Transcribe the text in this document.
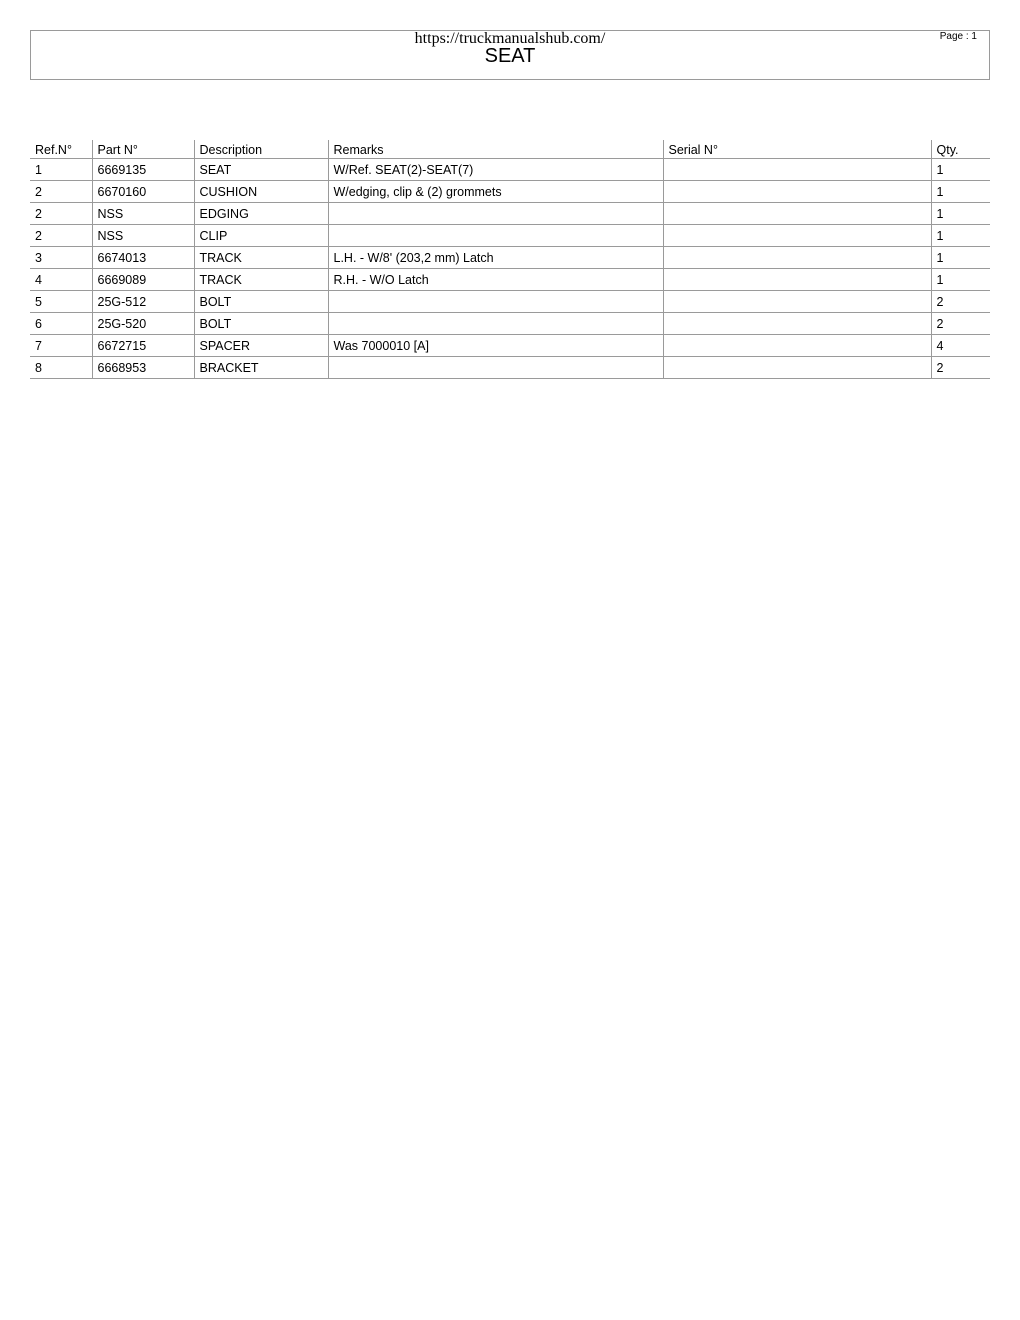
https://truckmanualshub.com/
SEAT
Page : 1
Ref.N°	Part N°	Description	Remarks	Serial N°	Qty.
1	6669135	SEAT	W/Ref. SEAT(2)-SEAT(7)		1
2	6670160	CUSHION	W/edging, clip & (2) grommets		1
2	NSS	EDGING			1
2	NSS	CLIP			1
3	6674013	TRACK	L.H. - W/8' (203,2 mm) Latch		1
4	6669089	TRACK	R.H. - W/O Latch		1
5	25G-512	BOLT			2
6	25G-520	BOLT			2
7	6672715	SPACER	Was 7000010 [A]		4
8	6668953	BRACKET			2
